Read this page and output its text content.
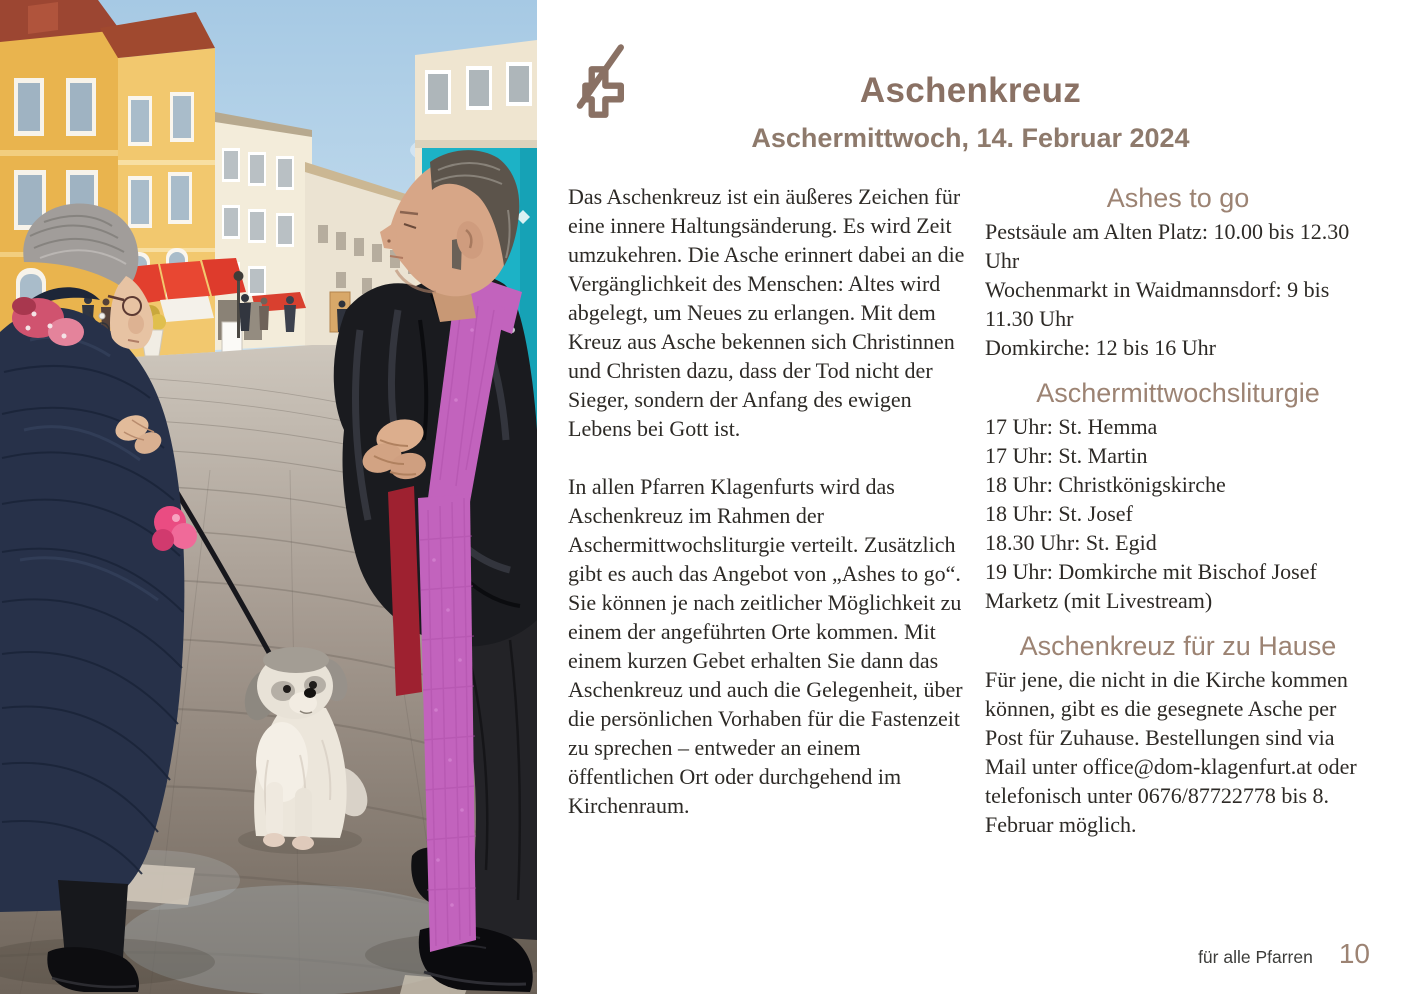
Aschenkreuz
Aschermittwoch, 14. Februar 2024

Das Aschenkreuz ist ein äußeres Zeichen für eine innere Haltungsänderung. Es wird Zeit umzukehren. Die Asche erinnert dabei an die Vergänglichkeit des Menschen: Altes wird abgelegt, um Neues zu erlangen. Mit dem Kreuz aus Asche bekennen sich Christinnen und Christen dazu, dass der Tod nicht der Sieger, sondern der Anfang des ewigen Lebens bei Gott ist.

In allen Pfarren Klagenfurts wird das Aschenkreuz im Rahmen der Aschermittwochsliturgie verteilt. Zusätzlich gibt es auch das Angebot von „Ashes to go“. Sie können je nach zeitlicher Möglichkeit zu einem der angeführten Orte kommen. Mit einem kurzen Gebet erhalten Sie dann das Aschenkreuz und auch die Gelegenheit, über die persönlichen Vorhaben für die Fastenzeit zu sprechen – entweder an einem öffentlichen Ort oder durchgehend im Kirchenraum.

Ashes to go

Pestsäule am Alten Platz: 10.00 bis 12.30 Uhr

Wochenmarkt in Waidmannsdorf: 9 bis 11.30 Uhr

Domkirche: 12 bis 16 Uhr

Aschermittwochsliturgie

17 Uhr: St. Hemma

17 Uhr: St. Martin

18 Uhr: Christkönigskirche

18 Uhr: St. Josef

18.30 Uhr: St. Egid

19 Uhr: Domkirche mit Bischof Josef Marketz (mit Livestream)

Aschenkreuz für zu Hause

Für jene, die nicht in die Kirche kommen können, gibt es die gesegnete Asche per Post für Zuhause. Bestellungen sind via Mail unter office@dom-klagenfurt.at oder telefonisch unter 0676/87722778 bis 8. Februar möglich.

für alle Pfarren 10
